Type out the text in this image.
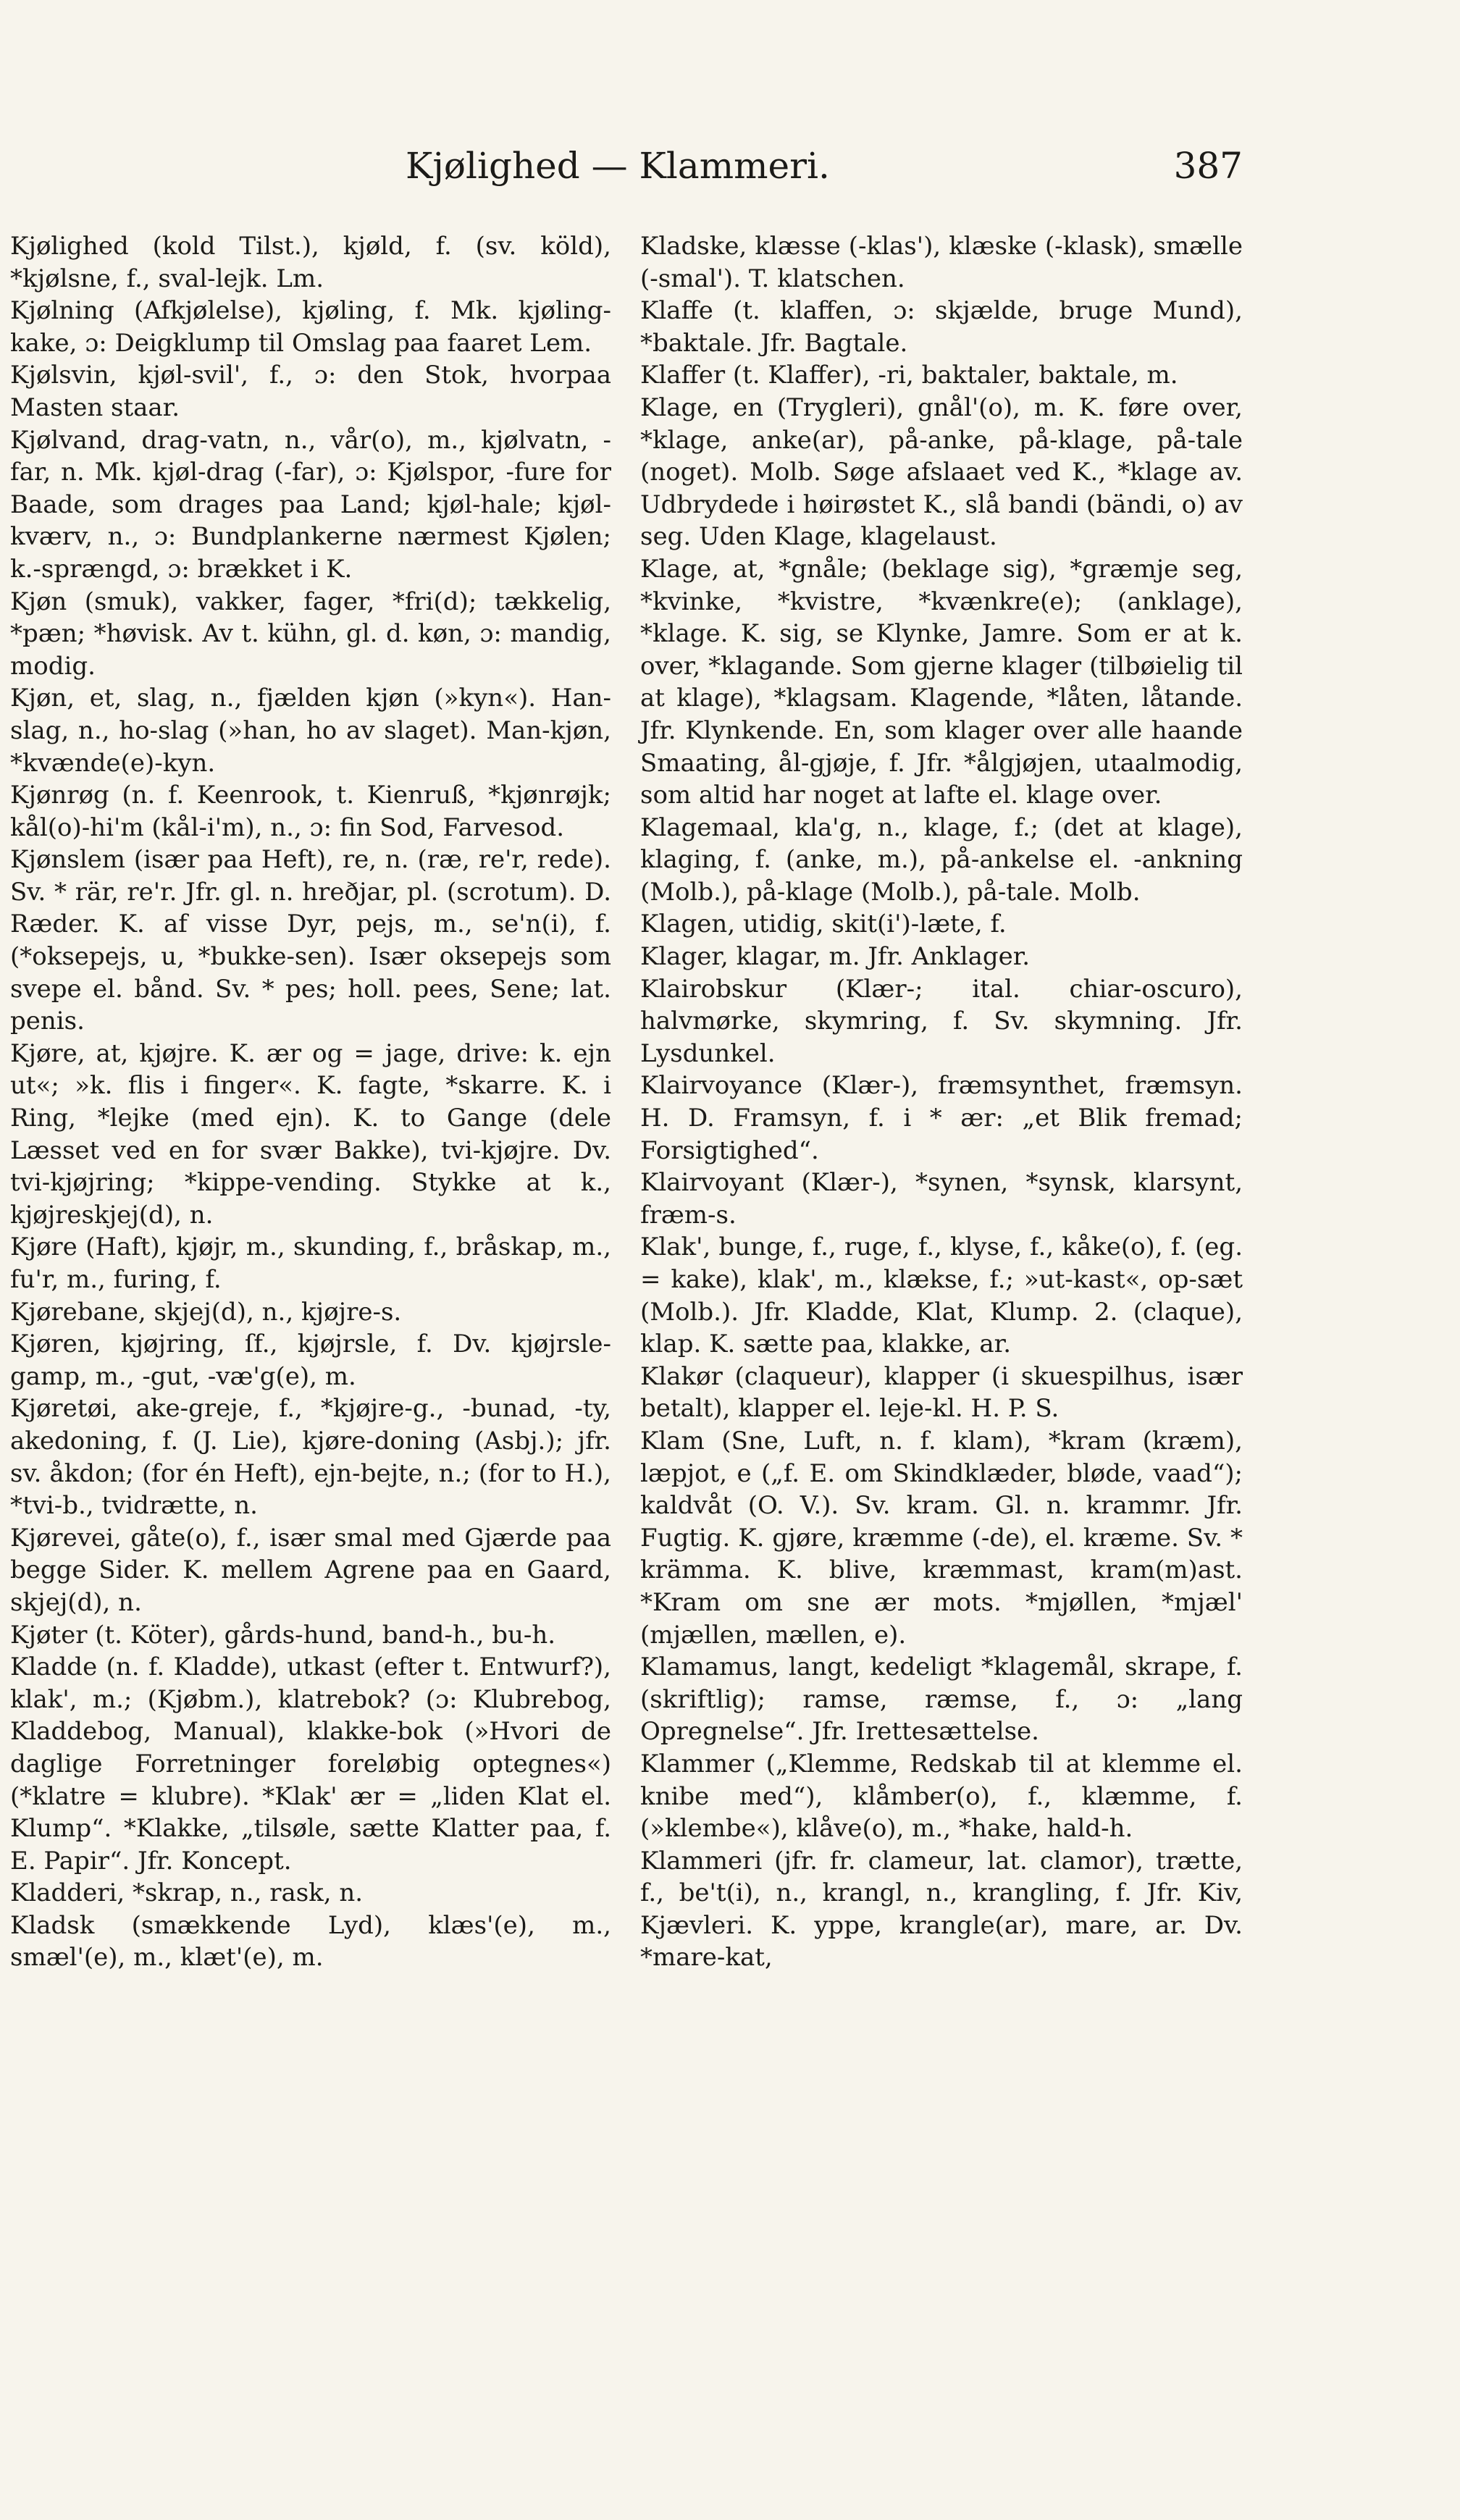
Kjølighed — Klammeri.	387

Kjølighed (kold Tilst.), kjøld, f. (sv. köld), *kjølsne, f., sval-lejk. Lm.

Kjølning (Afkjølelse), kjøling, f. Mk. kjøling-kake, ɔ: Deigklump til Omslag paa faaret Lem.

Kjølsvin, kjøl-svil', f., ɔ: den Stok, hvorpaa Masten staar.

Kjølvand, drag-vatn, n., vår(o), m., kjølvatn, -far, n. Mk. kjøl-drag (-far), ɔ: Kjølspor, -fure for Baade, som drages paa Land; kjøl-hale; kjøl-kværv, n., ɔ: Bundplankerne nærmest Kjølen; k.-sprængd, ɔ: brækket i K.

Kjøn (smuk), vakker, fager, *fri(d); tækkelig, *pæn; *høvisk. Av t. kühn, gl. d. køn, ɔ: mandig, modig.

Kjøn, et, slag, n., fjælden kjøn (»kyn«). Han-slag, n., ho-slag (»han, ho av slaget). Man-kjøn, *kvænde(e)-kyn.

Kjønrøg (n. f. Keenrook, t. Kienruß, *kjønrøjk; kål(o)-hi'm (kål-i'm), n., ɔ: fin Sod, Farvesod.

Kjønslem (især paa Heft), re, n. (ræ, re'r, rede). Sv. * rär, re'r. Jfr. gl. n. hreðjar, pl. (scrotum). D. Ræder. K. af visse Dyr, pejs, m., se'n(i), f. (*oksepejs, u, *bukke-sen). Især oksepejs som svepe el. bånd. Sv. * pes; holl. pees, Sene; lat. penis.

Kjøre, at, kjøjre. K. ær og = jage, drive: k. ejn ut«; »k. flis i finger«. K. fagte, *skarre. K. i Ring, *lejke (med ejn). K. to Gange (dele Læsset ved en for svær Bakke), tvi-kjøjre. Dv. tvi-kjøjring; *kippe-vending. Stykke at k., kjøjreskjej(d), n.

Kjøre (Haft), kjøjr, m., skunding, f., bråskap, m., fu'r, m., furing, f.

Kjørebane, skjej(d), n., kjøjre-s.

Kjøren, kjøjring, ſf., kjøjrsle, f. Dv. kjøjrsle-gamp, m., -gut, -væ'g(e), m.

Kjøretøi, ake-greje, f., *kjøjre-g., -bunad, -ty, akedoning, f. (J. Lie), kjøre-doning (Asbj.); jfr. sv. åkdon; (for én Heft), ejn-bejte, n.; (for to H.), *tvi-b., tvidrætte, n.

Kjørevei, gåte(o), f., især smal med Gjærde paa begge Sider. K. mellem Agrene paa en Gaard, skjej(d), n.

Kjøter (t. Köter), gårds-hund, band-h., bu-h.

Kladde (n. f. Kladde), utkast (efter t. Entwurf?), klak', m.; (Kjøbm.), klatrebok? (ɔ: Klubrebog, Kladdebog, Manual), klakke-bok (»Hvori de daglige Forretninger foreløbig optegnes«) (*klatre = klubre). *Klak' ær = „liden Klat el. Klump“. *Klakke, „tilsøle, sætte Klatter paa, f. E. Papir“. Jfr. Koncept.

Kladderi, *skrap, n., rask, n.

Kladsk (smækkende Lyd), klæs'(e), m., smæl'(e), m., klæt'(e), m.

Kladske, klæsse (-klas'), klæske (-klask), smælle (-smal'). T. klatschen.

Klaffe (t. klaffen, ɔ: skjælde, bruge Mund), *baktale. Jfr. Bagtale.

Klaffer (t. Klaffer), -ri, baktaler, baktale, m.

Klage, en (Trygleri), gnål'(o), m. K. føre over, *klage, anke(ar), på-anke, på-klage, på-tale (noget). Molb. Søge afslaaet ved K., *klage av. Udbrydede i høirøstet K., slå bandi (bändi, o) av seg. Uden Klage, klagelaust.

Klage, at, *gnåle; (beklage sig), *græmje seg, *kvinke, *kvistre, *kvænkre(e); (anklage), *klage. K. sig, se Klynke, Jamre. Som er at k. over, *klagande. Som gjerne klager (tilbøielig til at klage), *klagsam. Klagende, *låten, låtande. Jfr. Klynkende. En, som klager over alle haande Smaating, ål-gjøje, f. Jfr. *ålgjøjen, utaalmodig, som altid har noget at lafte el. klage over.

Klagemaal, kla'g, n., klage, f.; (det at klage), klaging, f. (anke, m.), på-ankelse el. -ankning (Molb.), på-klage (Molb.), på-tale. Molb.

Klagen, utidig, skit(i')-læte, f.

Klager, klagar, m. Jfr. Anklager.

Klairobskur (Klær-; ital. chiar-oscuro), halvmørke, skymring, f. Sv. skymning. Jfr. Lysdunkel.

Klairvoyance (Klær-), fræmsynthet, fræmsyn. H. D. Framsyn, f. i * ær: „et Blik fremad; Forsigtighed“.

Klairvoyant (Klær-), *synen, *synsk, klarsynt, fræm-s.

Klak', bunge, f., ruge, f., klyse, f., kåke(o), f. (eg. = kake), klak', m., klækse, f.; »ut-kast«, op-sæt (Molb.). Jfr. Kladde, Klat, Klump. 2. (claque), klap. K. sætte paa, klakke, ar.

Klakør (claqueur), klapper (i skuespilhus, især betalt), klapper el. leje-kl. H. P. S.

Klam (Sne, Luft, n. f. klam), *kram (kræm), læpjot, e („f. E. om Skindklæder, bløde, vaad“); kaldvåt (O. V.). Sv. kram. Gl. n. krammr. Jfr. Fugtig. K. gjøre, kræmme (-de), el. kræme. Sv. * krämma. K. blive, kræmmast, kram(m)ast. *Kram om sne ær mots. *mjøllen, *mjæl' (mjællen, mællen, e).

Klamamus, langt, kedeligt *klagemål, skrape, f. (skriftlig); ramse, ræmse, f., ɔ: „lang Opregnelse“. Jfr. Irettesættelse.

Klammer („Klemme, Redskab til at klemme el. knibe med“), klåmber(o), f., klæmme, f. (»klembe«), klåve(o), m., *hake, hald-h.

Klammeri (jfr. fr. clameur, lat. clamor), trætte, f., be't(i), n., krangl, n., krangling, f. Jfr. Kiv, Kjævleri. K. yppe, krangle(ar), mare, ar. Dv. *mare-kat,
